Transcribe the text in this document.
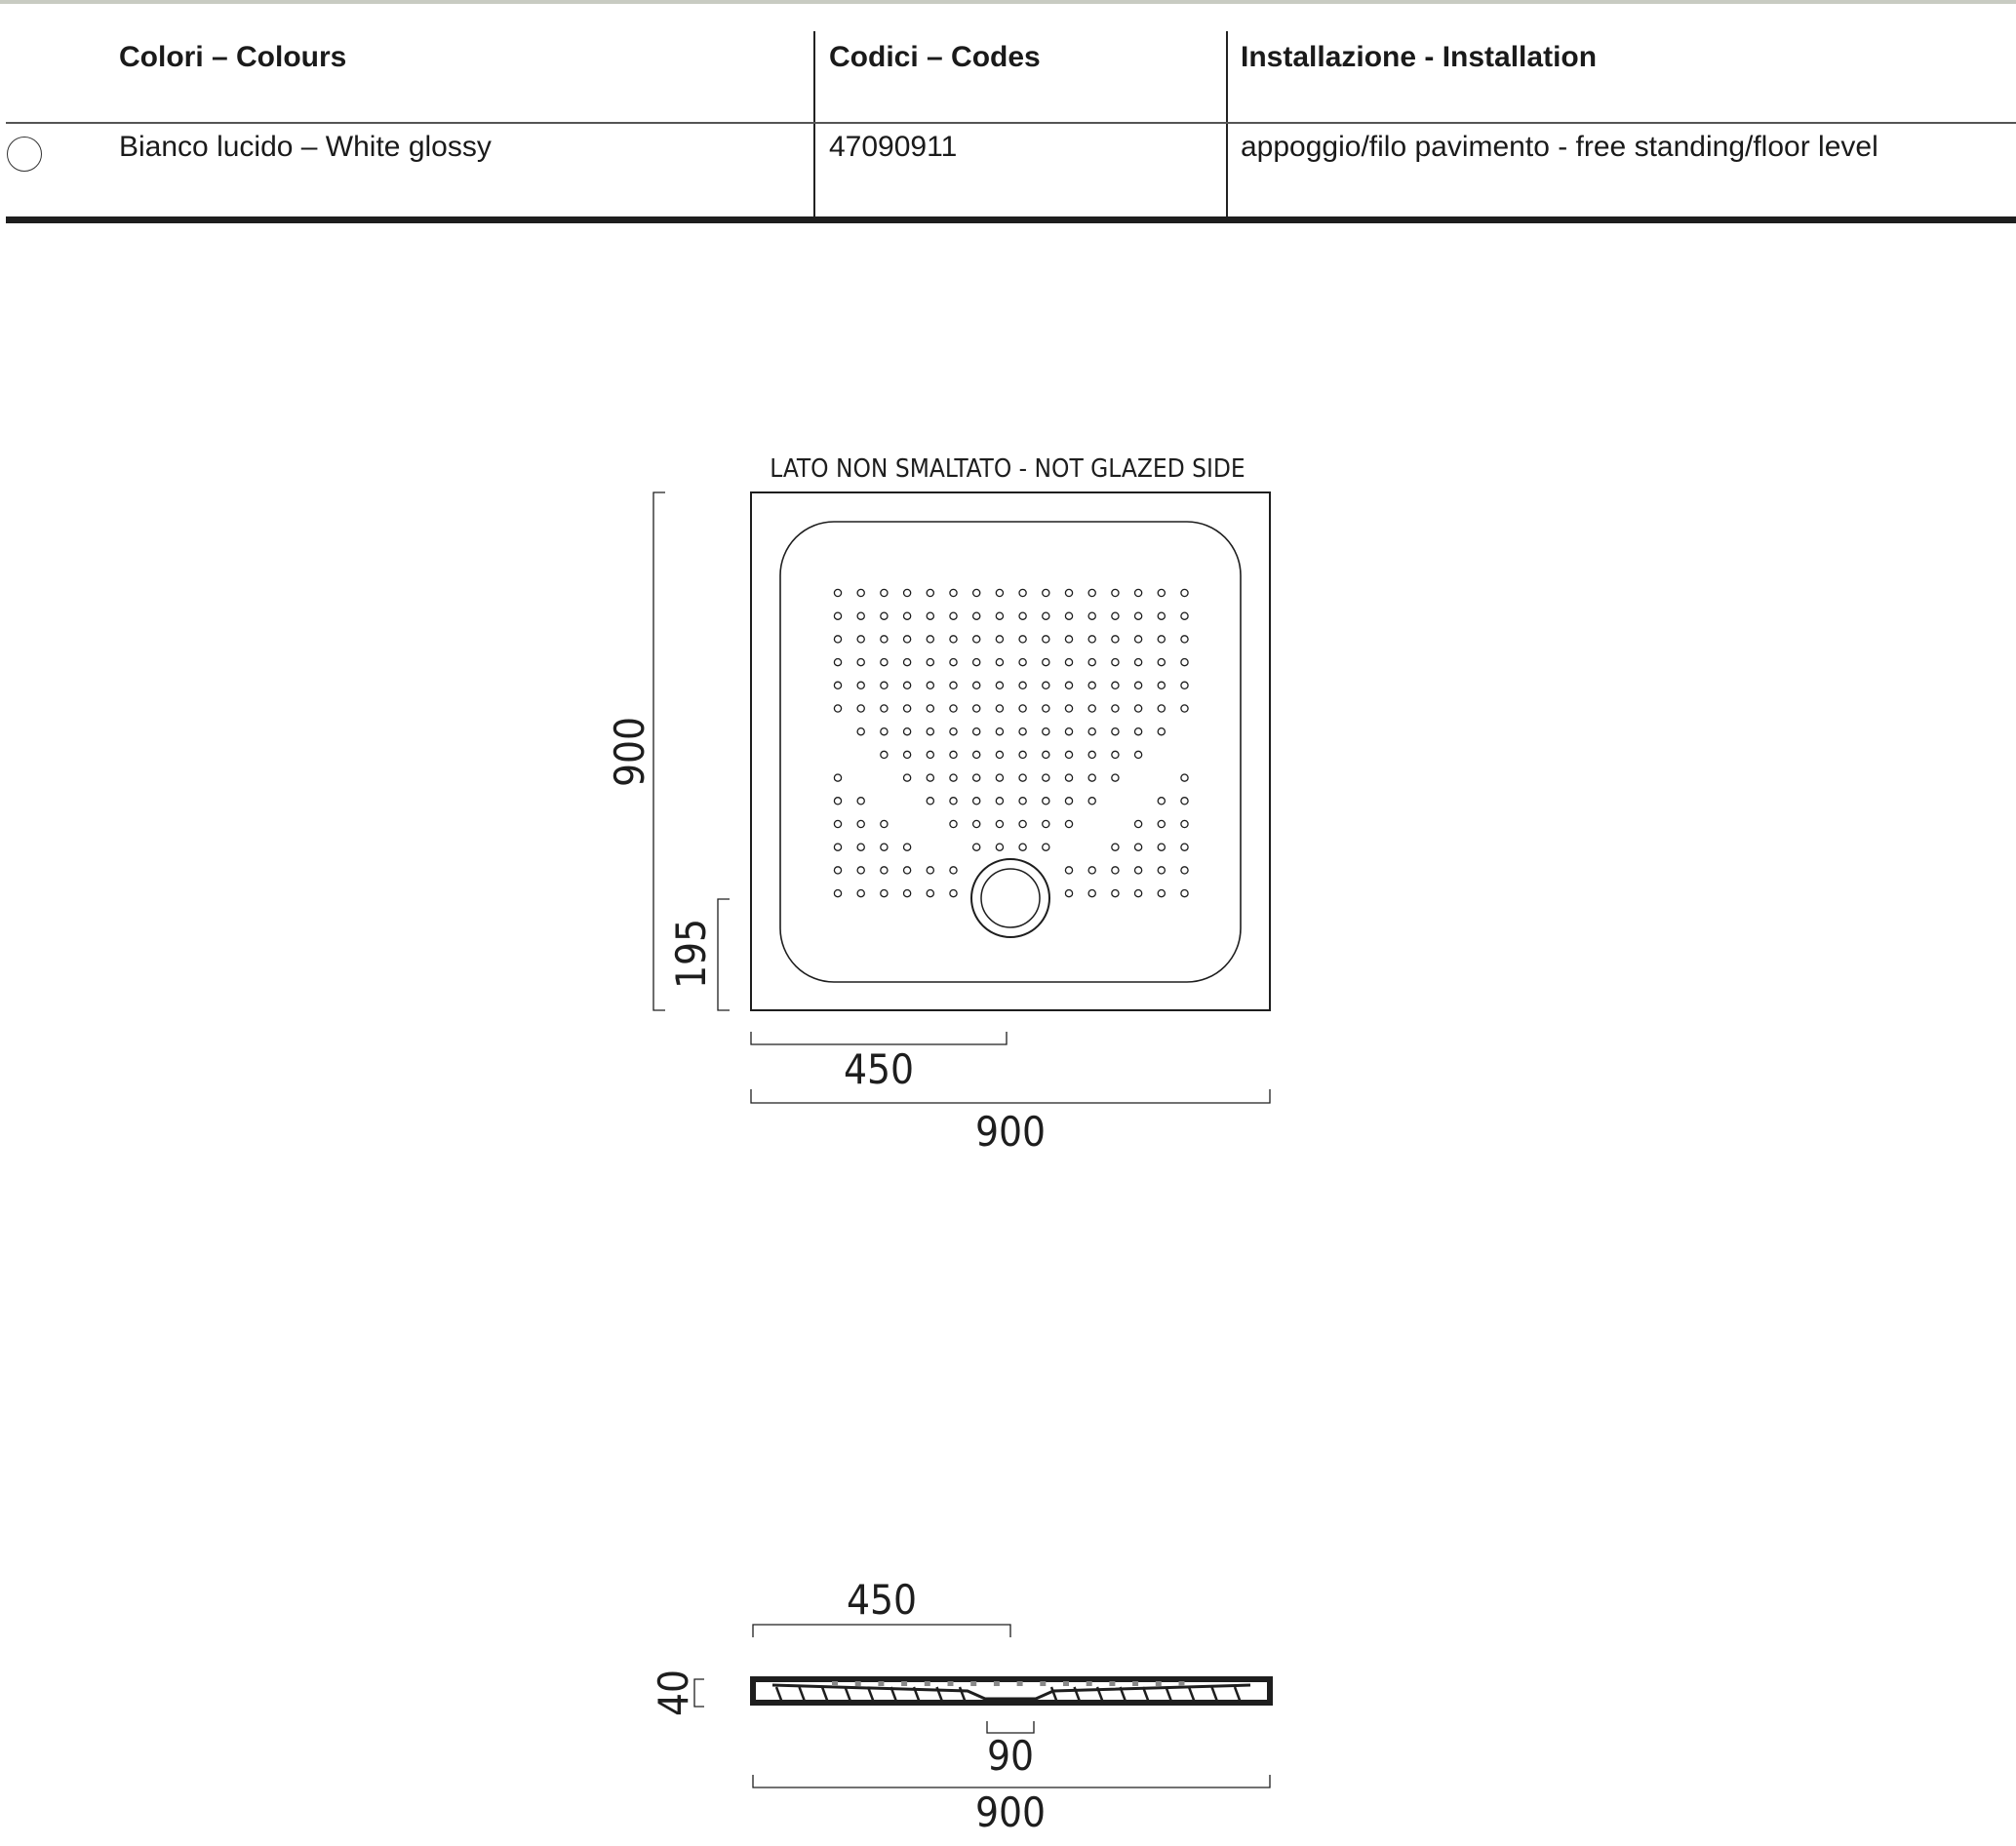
Colori – Colours	Codici – Codes	Installazione - Installation
Bianco lucido – White glossy	47090911	appoggio/filo pavimento - free standing/floor level
LATO NON SMALTATO - NOT GLAZED SIDE
900
195
450
900
450
40
90
900
